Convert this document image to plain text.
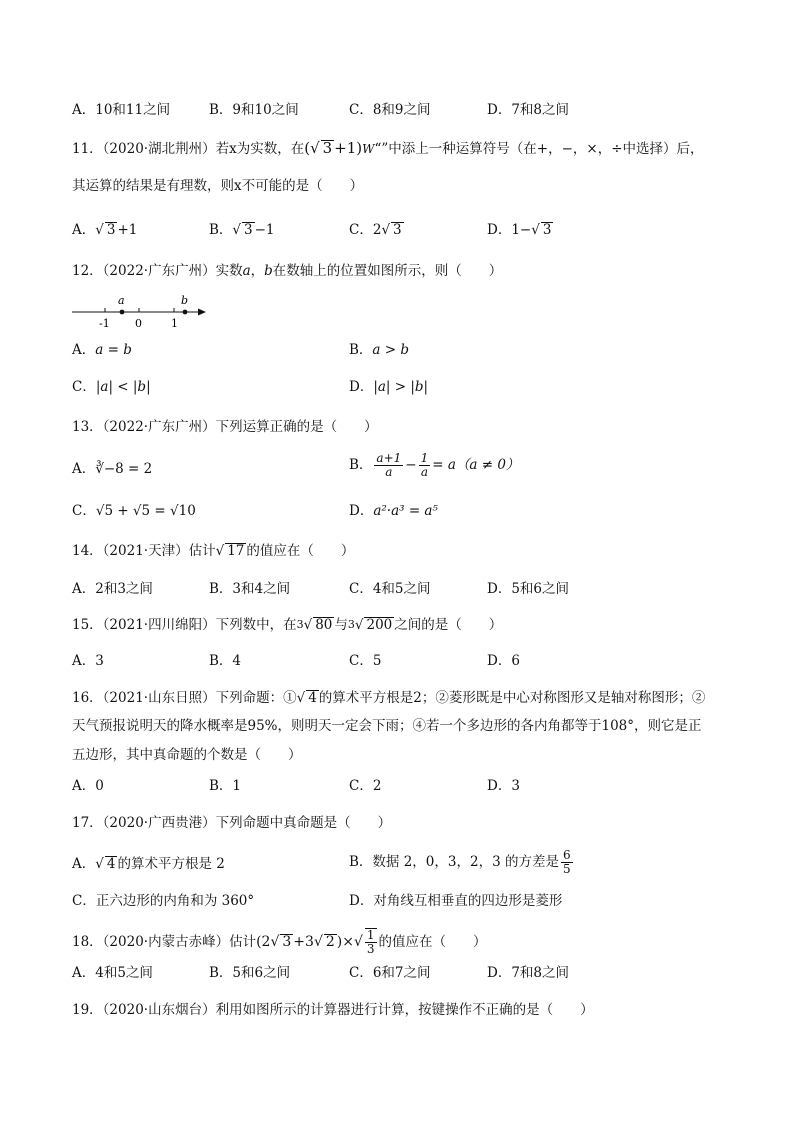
A．10和11之间	B．9和10之间	C．8和9之间	D．7和8之间
11．（2020·湖北荆州）若x为实数，在(√ 3 +1)W“”中添上一种运算符号（在+，−，×，÷中选择）后，
其运算的结果是有理数，则x不可能的是（　　）
A．√ 3 +1	B．√ 3 −1	C．2√ 3	D．1−√ 3
12．（2022·广东广州）实数a，b在数轴上的位置如图所示，则（　　）
a	b
-1 0	1
A．a = b	B．a > b
C．|a| < |b|	D．|a| > |b|
13．（2022·广东广州）下列运算正确的是（　　）
A．∛−8 = 2	B． $\frac{a+1}{a} - \frac{1}{a} = a(a \ne 0)$
C．√5 + √5 = √10	D．a²·a³ = a⁵
14．（2021·天津）估计√ 17 的值应在（　　）
A．2和3之间	B．3和4之间	C．4和5之间	D．5和6之间
15．（2021·四川绵阳）下列数中，在$^3$√ 80 与$^3$√ 200 之间的是（　　）
A．3	B．4	C．5	D．6
16．（2021·山东日照）下列命题：①√ 4 的算术平方根是2；②菱形既是中心对称图形又是轴对称图形；②
天气预报说明天的降水概率是95%，则明天一定会下雨；④若一个多边形的各内角都等于108°，则它是正
五边形，其中真命题的个数是（　　）
A．0	B．1	C．2	D．3
17．（2020·广西贵港）下列命题中真命题是（　　）
A．√ 4 的算术平方根是 2	B．数据 2，0，3，2，3 的方差是 $\frac{6}{5}$
C．正六边形的内角和为 360°	D．对角线互相垂直的四边形是菱形
18．（2020·内蒙古赤峰）估计(2√ 3 +3√ 2 )×√ $\frac{1}{3}$ 的值应在（　　）
A．4和5之间	B．5和6之间	C．6和7之间	D．7和8之间
19．（2020·山东烟台）利用如图所示的计算器进行计算，按键操作不正确的是（　　）
